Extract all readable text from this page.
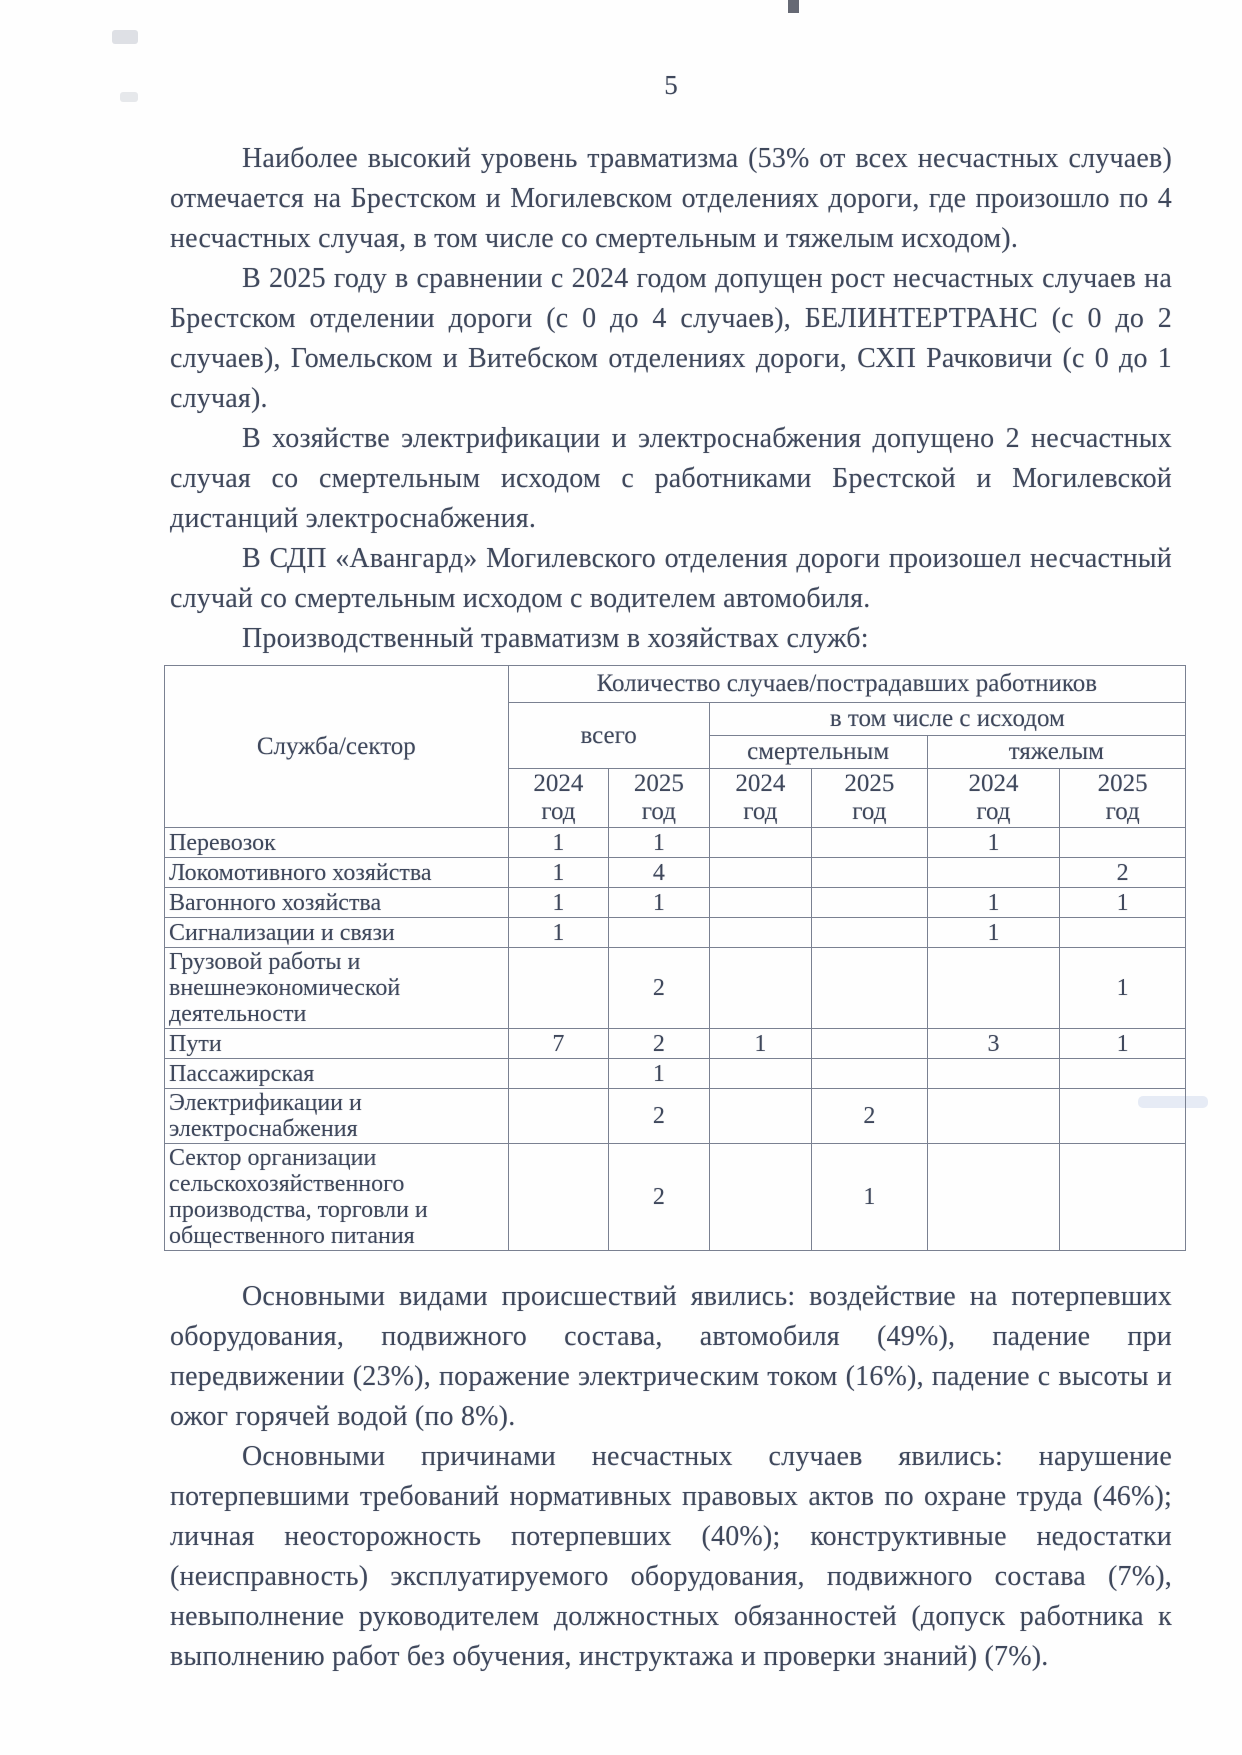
5

Наиболее высокий уровень травматизма (53% от всех несчастных случаев) отмечается на Брестском и Могилевском отделениях дороги, где произошло по 4 несчастных случая, в том числе со смертельным и тяжелым исходом).

В 2025 году в сравнении с 2024 годом допущен рост несчастных случаев на Брестском отделении дороги (с 0 до 4 случаев), БЕЛИНТЕРТРАНС (с 0 до 2 случаев), Гомельском и Витебском отделениях дороги, СХП Рачковичи (с 0 до 1 случая).

В хозяйстве электрификации и электроснабжения допущено 2 несчастных случая со смертельным исходом с работниками Брестской и Могилевской дистанций электроснабжения.

В СДП «Авангард» Могилевского отделения дороги произошел несчастный случай со смертельным исходом с водителем автомобиля.

Производственный травматизм в хозяйствах служб:

Служба/сектор	Количество случаев/пострадавших работников					
	всего		в том числе с исходом			
			смертельным		тяжелым	
	2024 год	2025 год	2024 год	2025 год	2024 год	2025 год
Перевозок	1	1			1	
Локомотивного хозяйства	1	4				2
Вагонного хозяйства	1	1			1	1
Сигнализации и связи	1				1	
Грузовой работы и внешнеэкономической деятельности		2				1
Пути	7	2	1		3	1
Пассажирская		1				
Электрификации и электроснабжения		2		2		
Сектор организации сельскохозяйственного производства, торговли и общественного питания		2		1		

Основными видами происшествий явились: воздействие на потерпевших оборудования, подвижного состава, автомобиля (49%), падение при передвижении (23%), поражение электрическим током (16%), падение с высоты и ожог горячей водой (по 8%).

Основными причинами несчастных случаев явились: нарушение потерпевшими требований нормативных правовых актов по охране труда (46%); личная неосторожность потерпевших (40%); конструктивные недостатки (неисправность) эксплуатируемого оборудования, подвижного состава (7%), невыполнение руководителем должностных обязанностей (допуск работника к выполнению работ без обучения, инструктажа и проверки знаний) (7%).
